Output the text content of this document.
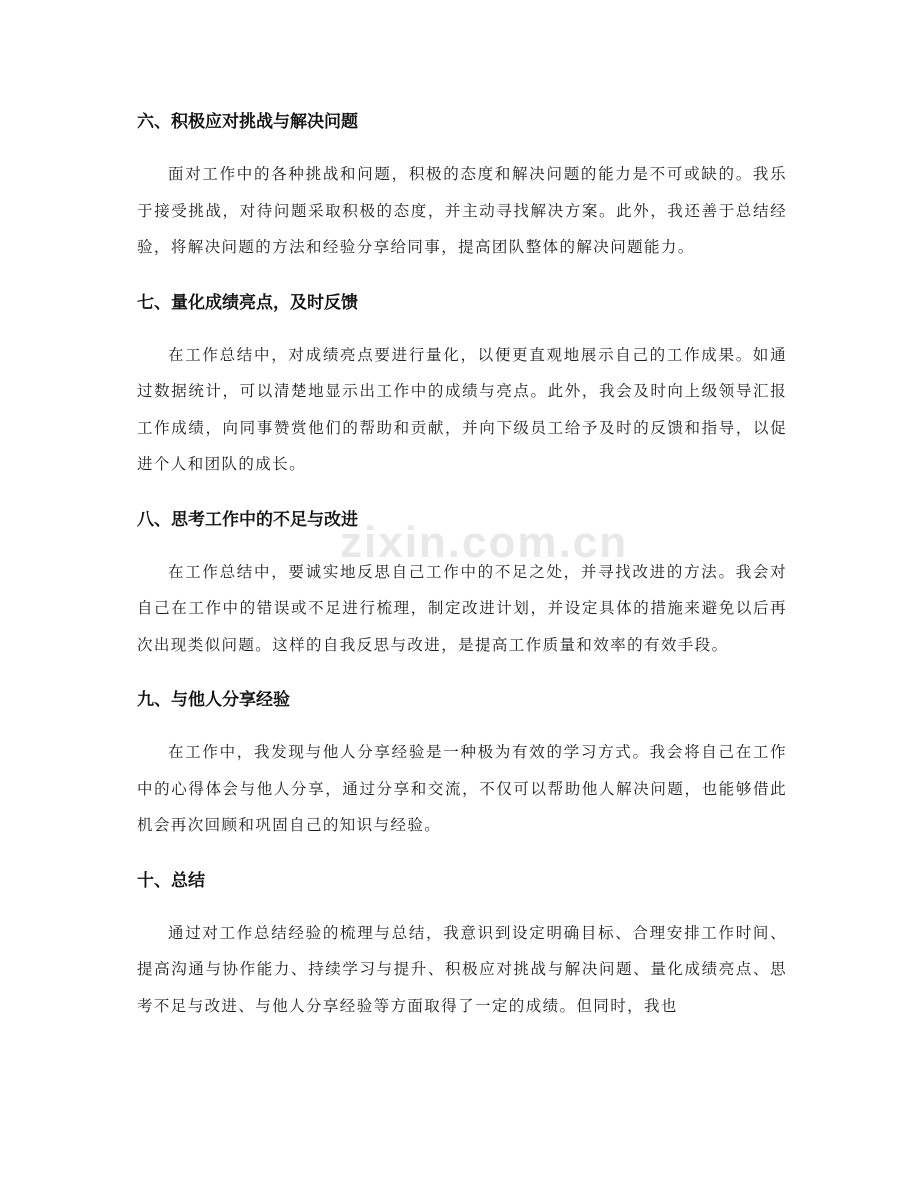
zixin.com.cn
六、积极应对挑战与解决问题

面对工作中的各种挑战和问题，积极的态度和解决问题的能力是不可或缺的。我乐于接受挑战，对待问题采取积极的态度，并主动寻找解决方案。此外，我还善于总结经验，将解决问题的方法和经验分享给同事，提高团队整体的解决问题能力。

七、量化成绩亮点，及时反馈

在工作总结中，对成绩亮点要进行量化，以便更直观地展示自己的工作成果。如通过数据统计，可以清楚地显示出工作中的成绩与亮点。此外，我会及时向上级领导汇报工作成绩，向同事赞赏他们的帮助和贡献，并向下级员工给予及时的反馈和指导，以促进个人和团队的成长。

八、思考工作中的不足与改进

在工作总结中，要诚实地反思自己工作中的不足之处，并寻找改进的方法。我会对自己在工作中的错误或不足进行梳理，制定改进计划，并设定具体的措施来避免以后再次出现类似问题。这样的自我反思与改进，是提高工作质量和效率的有效手段。

九、与他人分享经验

在工作中，我发现与他人分享经验是一种极为有效的学习方式。我会将自己在工作中的心得体会与他人分享，通过分享和交流，不仅可以帮助他人解决问题，也能够借此机会再次回顾和巩固自己的知识与经验。

十、总结

通过对工作总结经验的梳理与总结，我意识到设定明确目标、合理安排工作时间、提高沟通与协作能力、持续学习与提升、积极应对挑战与解决问题、量化成绩亮点、思考不足与改进、与他人分享经验等方面取得了一定的成绩。但同时，我也
